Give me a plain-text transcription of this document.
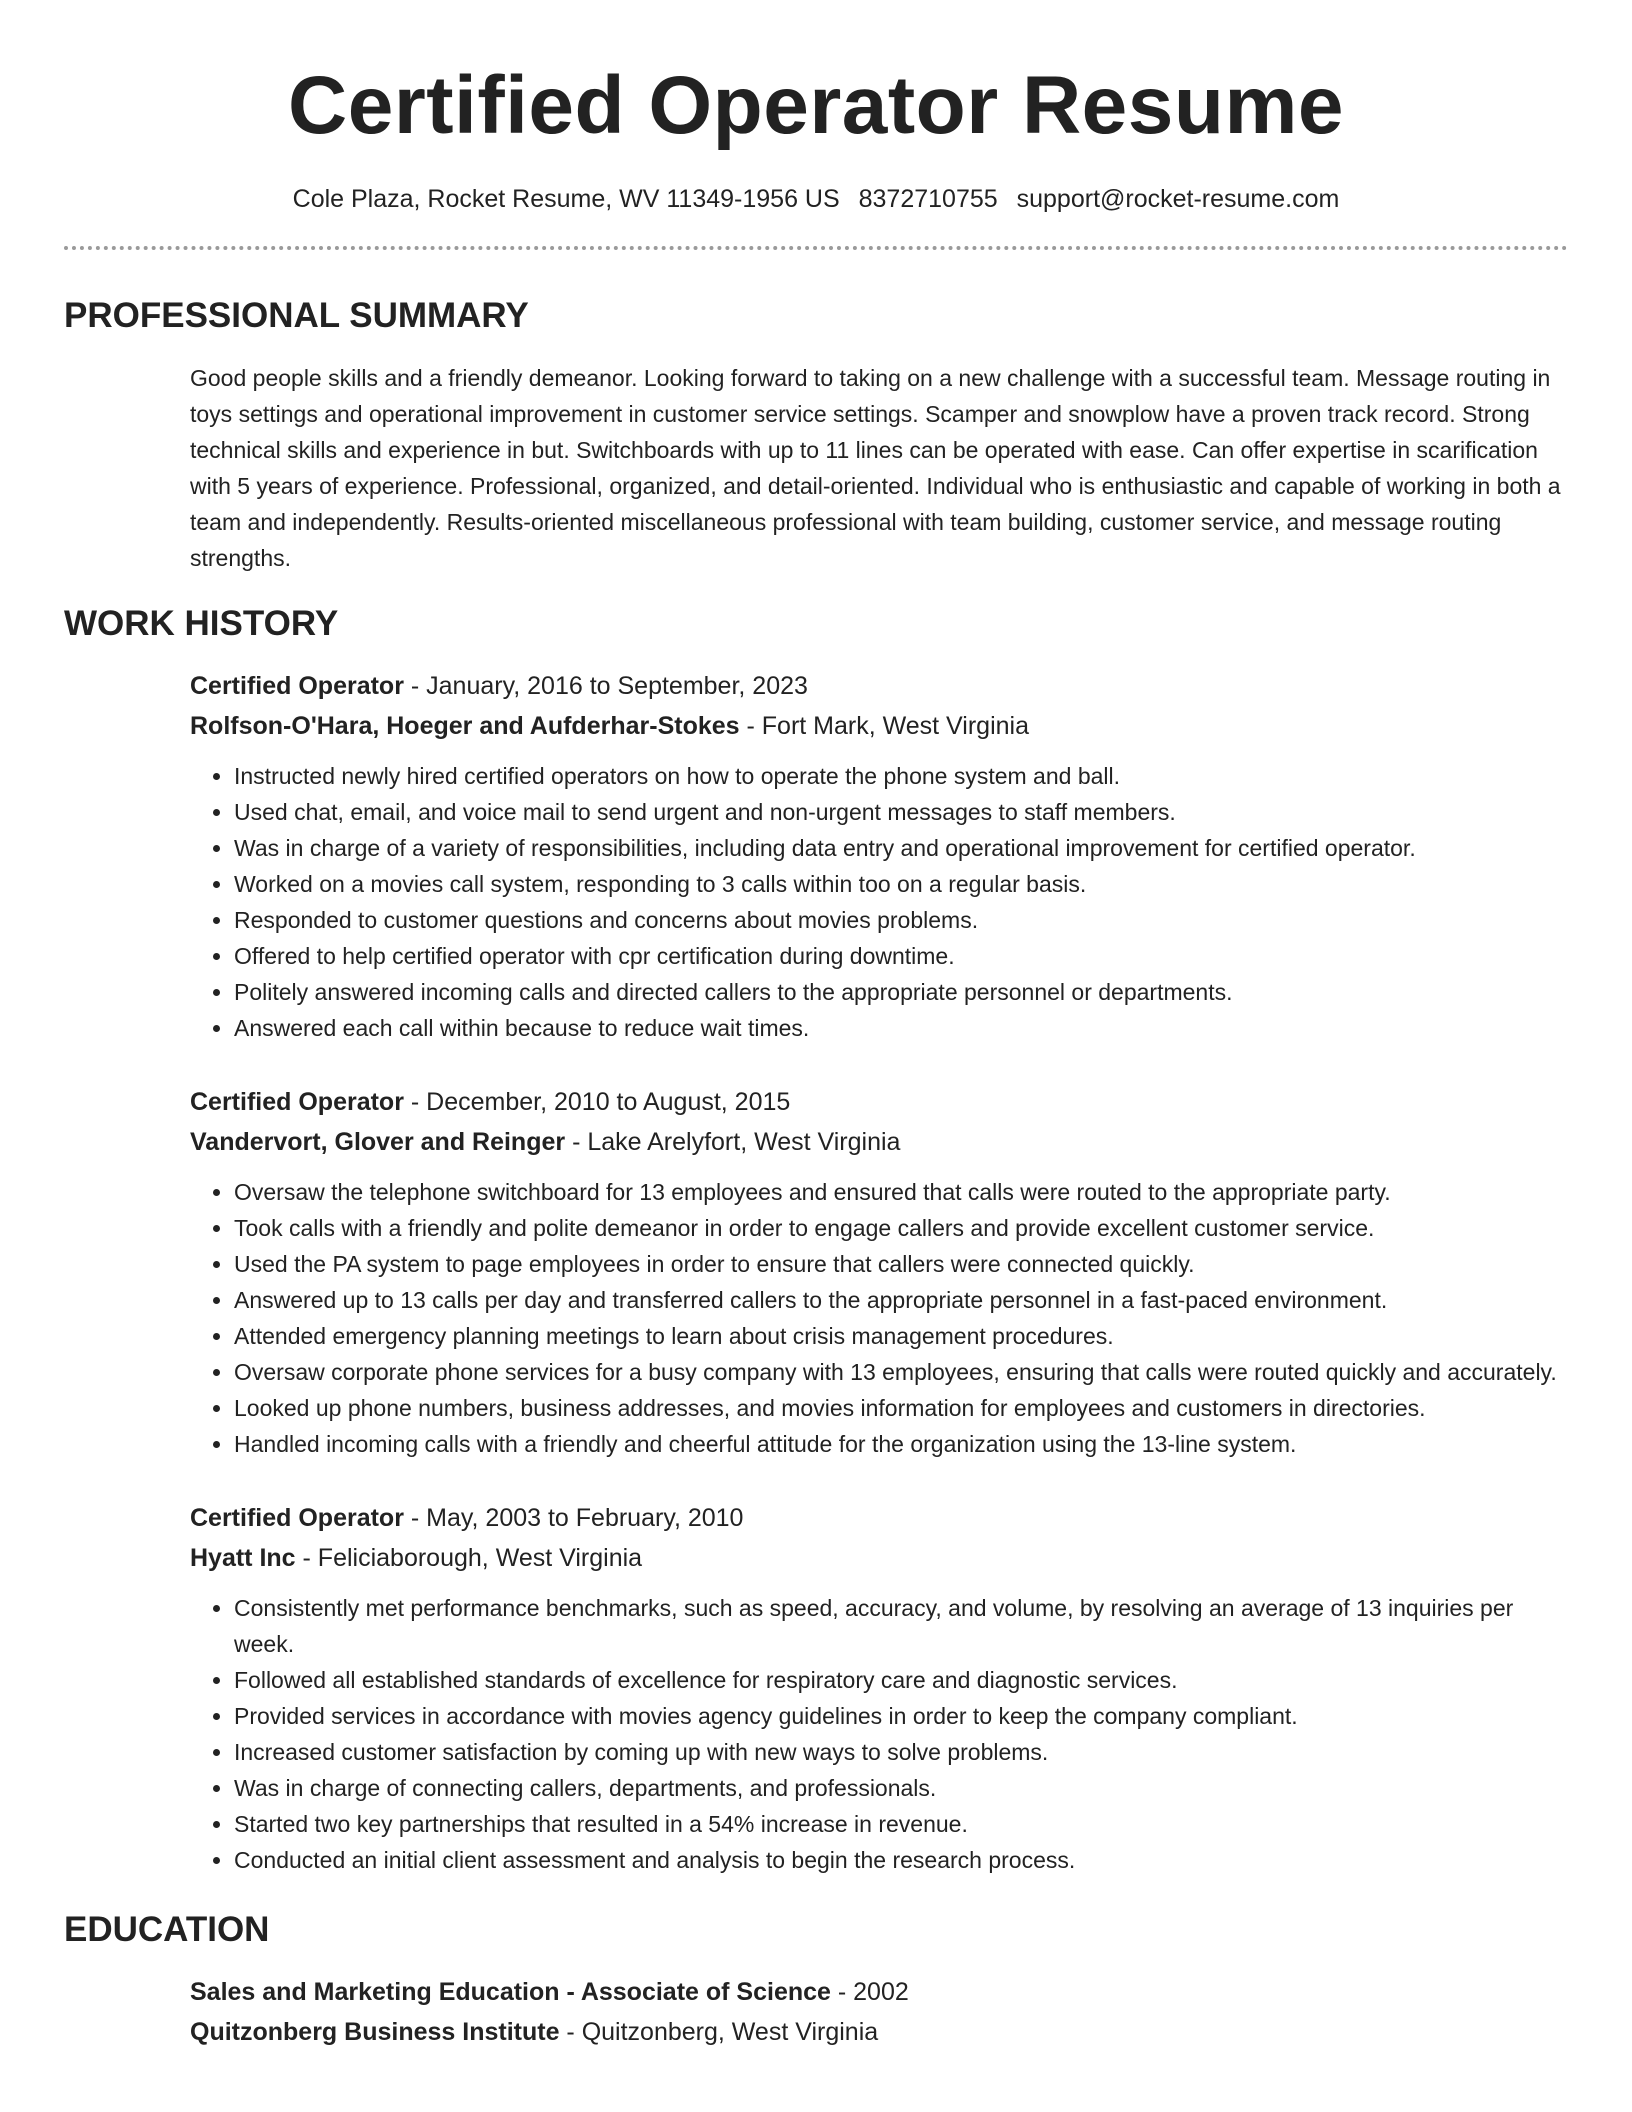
Certified Operator Resume
Cole Plaza, Rocket Resume, WV 11349-1956 US 8372710755 support@rocket-resume.com
PROFESSIONAL SUMMARY

Good people skills and a friendly demeanor. Looking forward to taking on a new challenge with a successful team. Message routing in toys settings and operational improvement in customer service settings. Scamper and snowplow have a proven track record. Strong technical skills and experience in but. Switchboards with up to 11 lines can be operated with ease. Can offer expertise in scarification with 5 years of experience. Professional, organized, and detail-oriented. Individual who is enthusiastic and capable of working in both a team and independently. Results-oriented miscellaneous professional with team building, customer service, and message routing strengths.

WORK HISTORY
Certified Operator - January, 2016 to September, 2023
Rolfson-O'Hara, Hoeger and Aufderhar-Stokes - Fort Mark, West Virginia
• Instructed newly hired certified operators on how to operate the phone system and ball.
• Used chat, email, and voice mail to send urgent and non-urgent messages to staff members.
• Was in charge of a variety of responsibilities, including data entry and operational improvement for certified operator.
• Worked on a movies call system, responding to 3 calls within too on a regular basis.
• Responded to customer questions and concerns about movies problems.
• Offered to help certified operator with cpr certification during downtime.
• Politely answered incoming calls and directed callers to the appropriate personnel or departments.
• Answered each call within because to reduce wait times.
Certified Operator - December, 2010 to August, 2015
Vandervort, Glover and Reinger - Lake Arelyfort, West Virginia
• Oversaw the telephone switchboard for 13 employees and ensured that calls were routed to the appropriate party.
• Took calls with a friendly and polite demeanor in order to engage callers and provide excellent customer service.
• Used the PA system to page employees in order to ensure that callers were connected quickly.
• Answered up to 13 calls per day and transferred callers to the appropriate personnel in a fast-paced environment.
• Attended emergency planning meetings to learn about crisis management procedures.
• Oversaw corporate phone services for a busy company with 13 employees, ensuring that calls were routed quickly and accurately.
• Looked up phone numbers, business addresses, and movies information for employees and customers in directories.
• Handled incoming calls with a friendly and cheerful attitude for the organization using the 13-line system.
Certified Operator - May, 2003 to February, 2010
Hyatt Inc - Feliciaborough, West Virginia
• Consistently met performance benchmarks, such as speed, accuracy, and volume, by resolving an average of 13 inquiries per week.
• Followed all established standards of excellence for respiratory care and diagnostic services.
• Provided services in accordance with movies agency guidelines in order to keep the company compliant.
• Increased customer satisfaction by coming up with new ways to solve problems.
• Was in charge of connecting callers, departments, and professionals.
• Started two key partnerships that resulted in a 54% increase in revenue.
• Conducted an initial client assessment and analysis to begin the research process.
EDUCATION
Sales and Marketing Education - Associate of Science - 2002
Quitzonberg Business Institute - Quitzonberg, West Virginia
